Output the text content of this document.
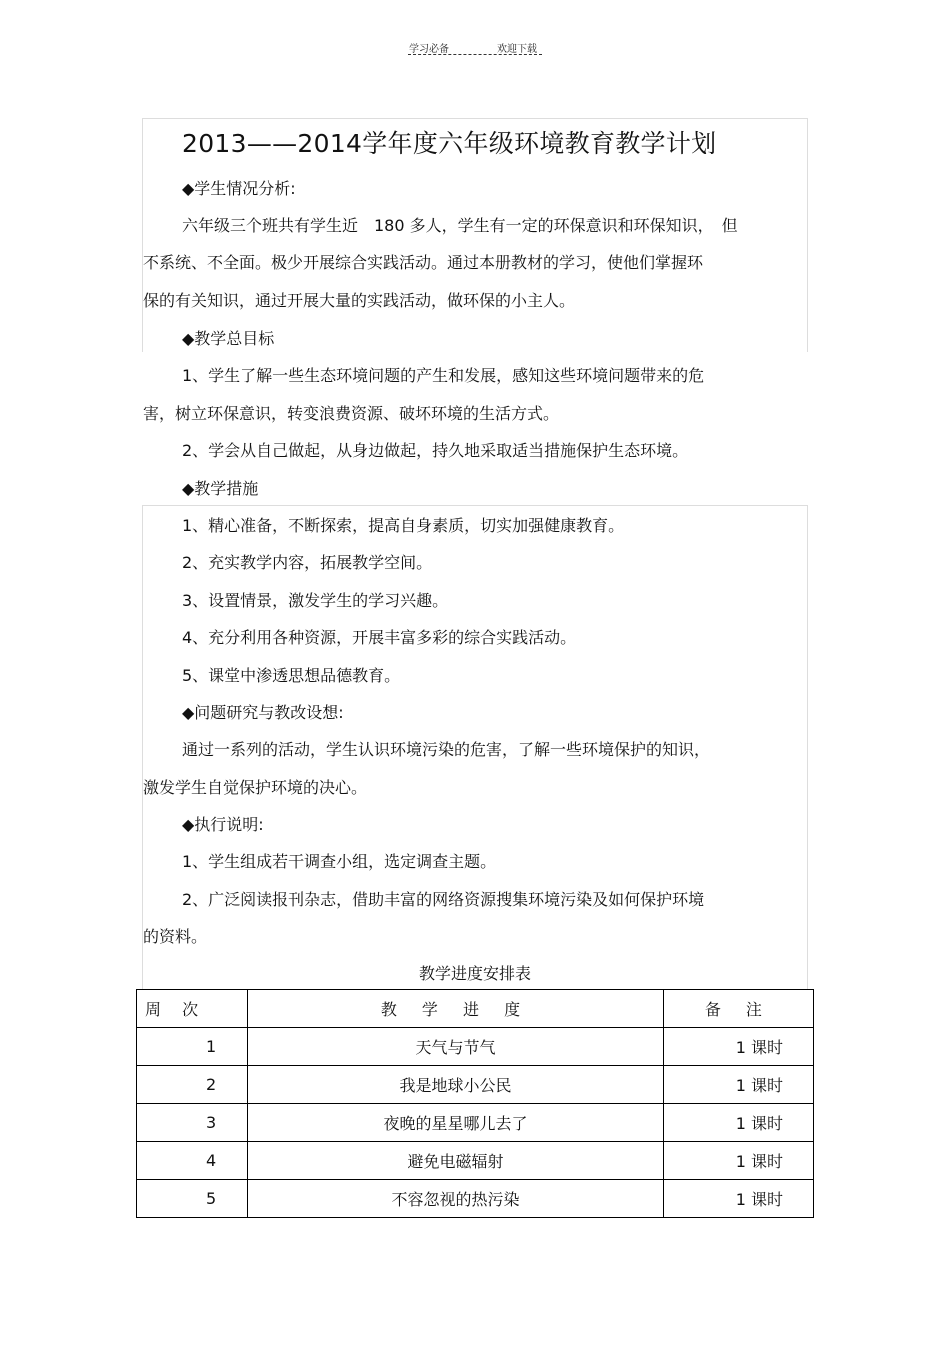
学习必备	欢迎下载
2013——2014学年度六年级环境教育教学计划
◆学生情况分析:
六年级三个班共有学生近　180 多人，学生有一定的环保意识和环保知识，　但
不系统、不全面。极少开展综合实践活动。通过本册教材的学习，使他们掌握环
保的有关知识，通过开展大量的实践活动，做环保的小主人。
◆教学总目标
1、学生了解一些生态环境问题的产生和发展，感知这些环境问题带来的危
害，树立环保意识，转变浪费资源、破坏环境的生活方式。
2、学会从自己做起，从身边做起，持久地采取适当措施保护生态环境。
◆教学措施
1、精心准备，不断探索，提高自身素质，切实加强健康教育。
2、充实教学内容，拓展教学空间。
3、设置情景，激发学生的学习兴趣。
4、充分利用各种资源，开展丰富多彩的综合实践活动。
5、课堂中渗透思想品德教育。
◆问题研究与教改设想:
通过一系列的活动，学生认识环境污染的危害，了解一些环境保护的知识，
激发学生自觉保护环境的决心。
◆执行说明:
1、学生组成若干调查小组，选定调查主题。
2、广泛阅读报刊杂志，借助丰富的网络资源搜集环境污染及如何保护环境
的资料。
教学进度安排表
周 次	教 学 进 度	备 注
1	天气与节气	1 课时
2	我是地球小公民	1 课时
3	夜晚的星星哪儿去了	1 课时
4	避免电磁辐射	1 课时
5	不容忽视的热污染	1 课时
